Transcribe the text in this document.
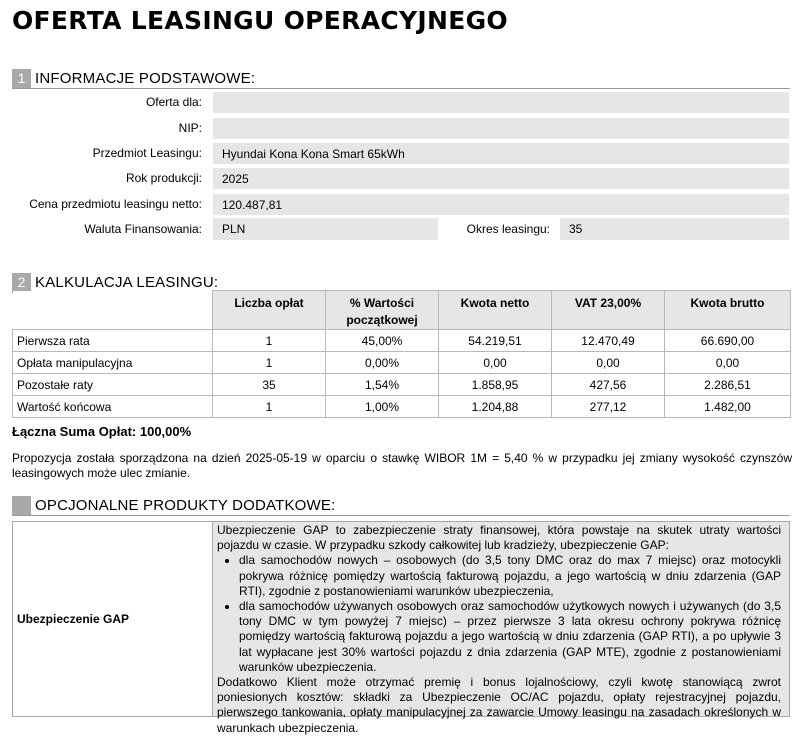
OFERTA LEASINGU OPERACYJNEGO
1 INFORMACJE PODSTAWOWE:
Oferta dla:
NIP:
Przedmiot Leasingu:	Hyundai Kona Kona Smart 65kWh
Rok produkcji:	2025
Cena przedmiotu leasingu netto:	120.487,81
Waluta Finansowania:	PLN	Okres leasingu:	35
2 KALKULACJA LEASINGU:
	Liczba opłat	% Wartości początkowej	Kwota netto	VAT 23,00%	Kwota brutto
Pierwsza rata	1	45,00%	54.219,51	12.470,49	66.690,00
Opłata manipulacyjna	1	0,00%	0,00	0,00	0,00
Pozostałe raty	35	1,54%	1.858,95	427,56	2.286,51
Wartość końcowa	1	1,00%	1.204,88	277,12	1.482,00
Łączna Suma Opłat: 100,00%
Propozycja została sporządzona na dzień 2025-05-19 w oparciu o stawkę WIBOR 1M = 5,40 % w przypadku jej zmiany wysokość czynszów leasingowych może ulec zmianie.
OPCJONALNE PRODUKTY DODATKOWE:
Ubezpieczenie GAP

Ubezpieczenie GAP to zabezpieczenie straty finansowej, która powstaje na skutek utraty wartości pojazdu w czasie. W przypadku szkody całkowitej lub kradzieży, ubezpieczenie GAP:

• dla samochodów nowych – osobowych (do 3,5 tony DMC oraz do max 7 miejsc) oraz motocykli pokrywa różnicę pomiędzy wartością fakturową pojazdu, a jego wartością w dniu zdarzenia (GAP RTI), zgodnie z postanowieniami warunków ubezpieczenia,
• dla samochodów używanych osobowych oraz samochodów użytkowych nowych i używanych (do 3,5 tony DMC w tym powyżej 7 miejsc) – przez pierwsze 3 lata okresu ochrony pokrywa różnicę pomiędzy wartością fakturową pojazdu a jego wartością w dniu zdarzenia (GAP RTI), a po upływie 3 lat wypłacane jest 30% wartości pojazdu z dnia zdarzenia (GAP MTE), zgodnie z postanowieniami warunków ubezpieczenia.

Dodatkowo Klient może otrzymać premię i bonus lojalnościowy, czyli kwotę stanowiącą zwrot poniesionych kosztów: składki za Ubezpieczenie OC/AC pojazdu, opłaty rejestracyjnej pojazdu, pierwszego tankowania, opłaty manipulacyjnej za zawarcie Umowy leasingu na zasadach określonych w warunkach ubezpieczenia.
